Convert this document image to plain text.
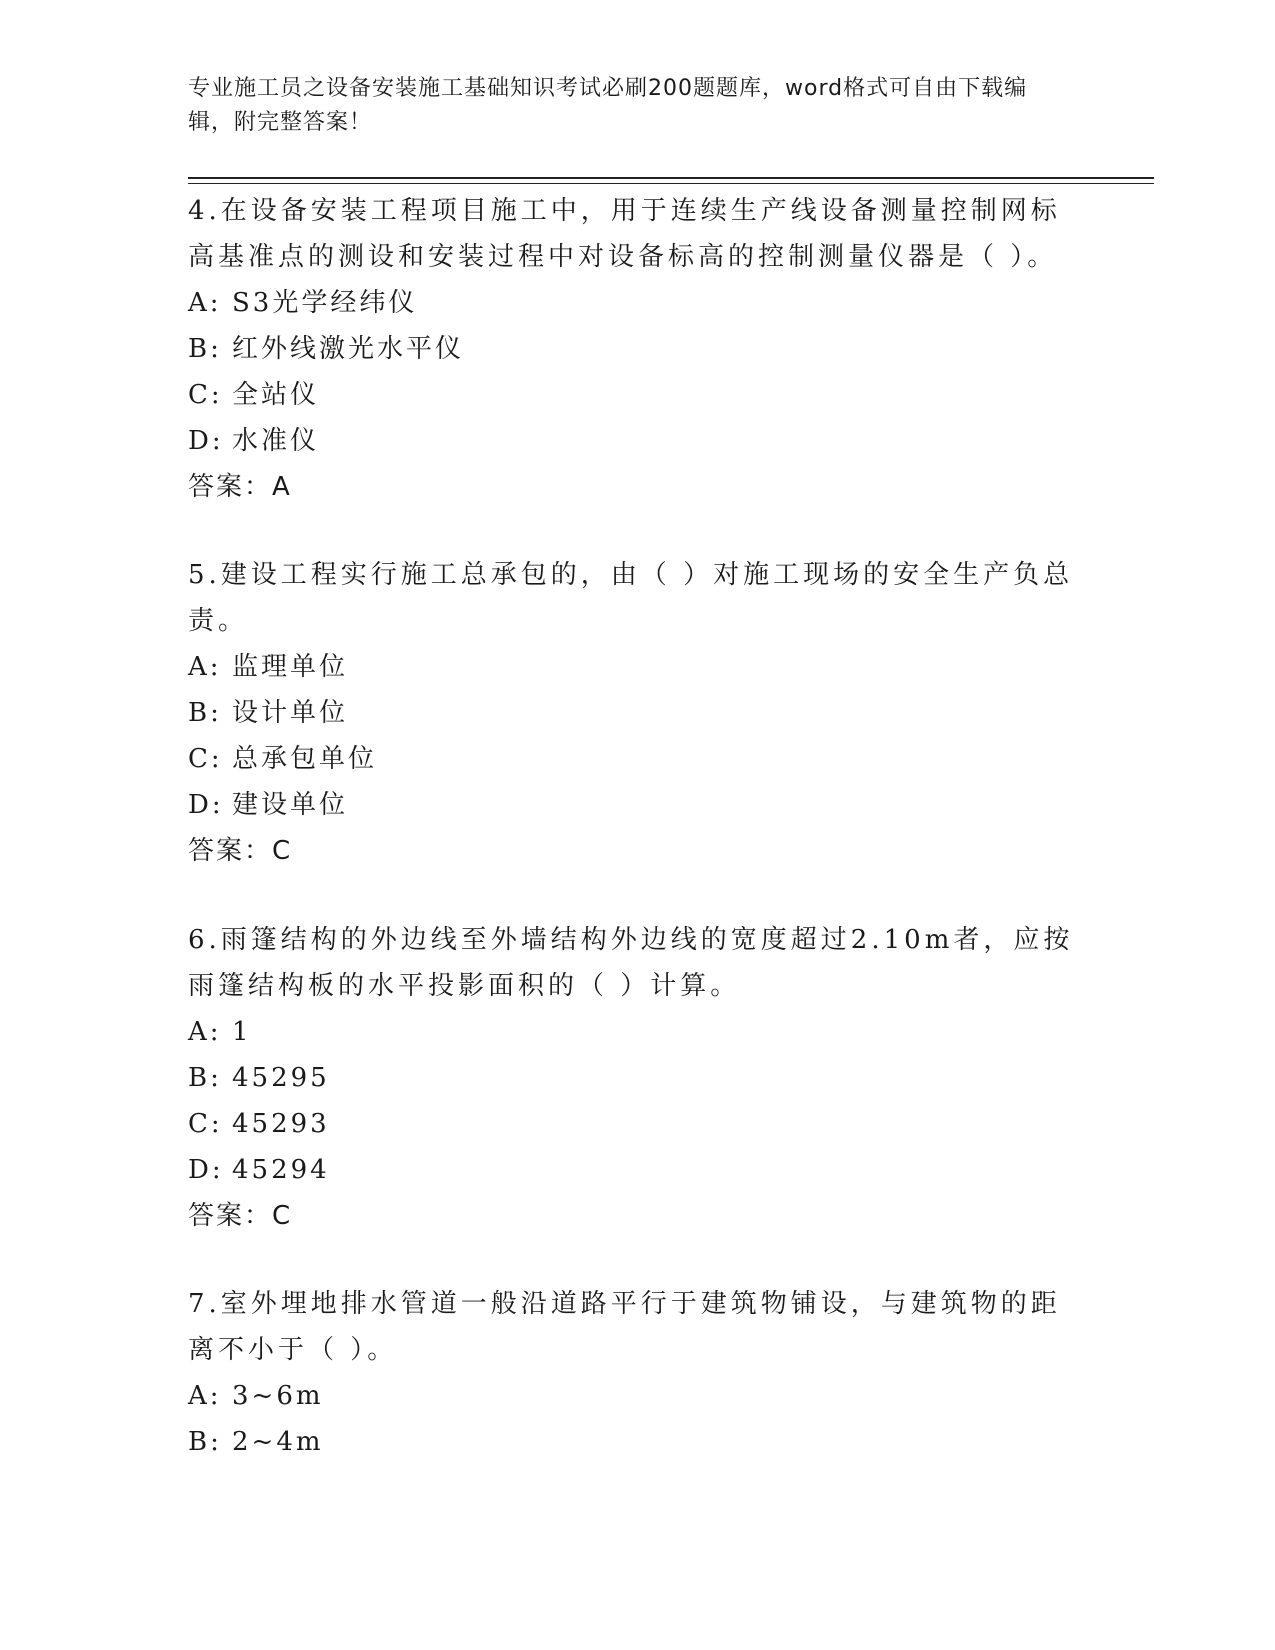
专业施工员之设备安装施工基础知识考试必刷200题题库，word格式可自由下载编辑，附完整答案！

4.在设备安装工程项目施工中，用于连续生产线设备测量控制网标高基准点的测设和安装过程中对设备标高的控制测量仪器是（ ）。

A: S3光学经纬仪

B: 红外线激光水平仪

C: 全站仪

D: 水准仪

答案：A

5.建设工程实行施工总承包的，由（ ）对施工现场的安全生产负总责。

A: 监理单位

B: 设计单位

C: 总承包单位

D: 建设单位

答案：C

6.雨篷结构的外边线至外墙结构外边线的宽度超过2.10m者，应按雨篷结构板的水平投影面积的（ ）计算。

A: 1

B: 45295

C: 45293

D: 45294

答案：C

7.室外埋地排水管道一般沿道路平行于建筑物铺设，与建筑物的距离不小于（ ）。

A: 3~6m

B: 2~4m
